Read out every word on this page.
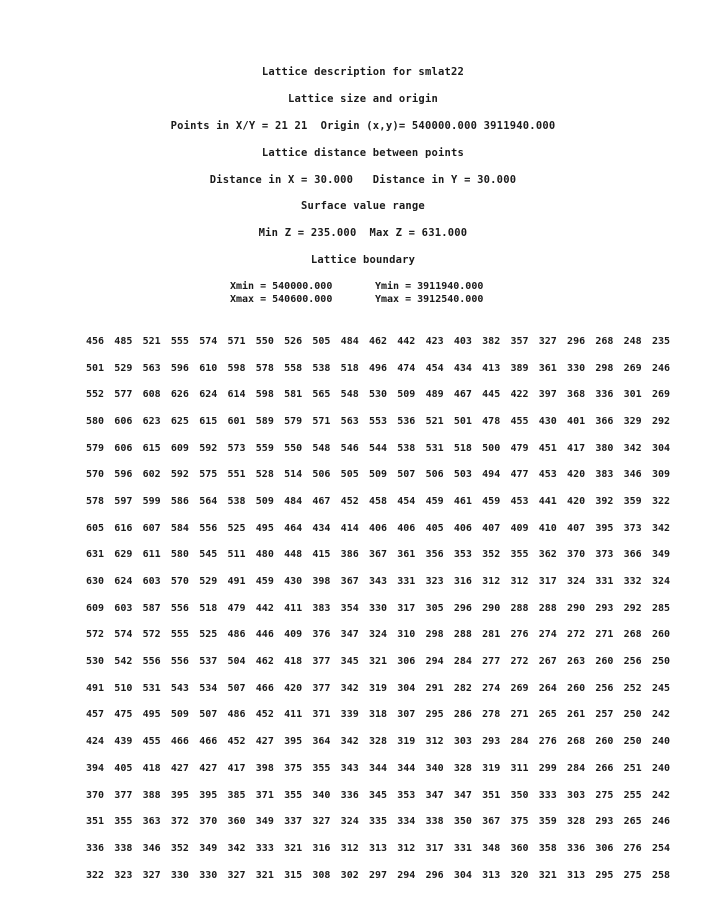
Lattice description for smlat22
Lattice size and origin
Points in X/Y = 21 21  Origin (x,y)= 540000.000 3911940.000
Lattice distance between points
Distance in X = 30.000   Distance in Y = 30.000
Surface value range
Min Z = 235.000  Max Z = 631.000
Lattice boundary
Xmin = 540000.000	Ymin = 3911940.000
Xmax = 540600.000	Ymax = 3912540.000
456	485	521	555	574	571	550	526	505	484	462	442	423	403	382	357	327	296	268	248	235
501	529	563	596	610	598	578	558	538	518	496	474	454	434	413	389	361	330	298	269	246
552	577	608	626	624	614	598	581	565	548	530	509	489	467	445	422	397	368	336	301	269
580	606	623	625	615	601	589	579	571	563	553	536	521	501	478	455	430	401	366	329	292
579	606	615	609	592	573	559	550	548	546	544	538	531	518	500	479	451	417	380	342	304
570	596	602	592	575	551	528	514	506	505	509	507	506	503	494	477	453	420	383	346	309
578	597	599	586	564	538	509	484	467	452	458	454	459	461	459	453	441	420	392	359	322
605	616	607	584	556	525	495	464	434	414	406	406	405	406	407	409	410	407	395	373	342
631	629	611	580	545	511	480	448	415	386	367	361	356	353	352	355	362	370	373	366	349
630	624	603	570	529	491	459	430	398	367	343	331	323	316	312	312	317	324	331	332	324
609	603	587	556	518	479	442	411	383	354	330	317	305	296	290	288	288	290	293	292	285
572	574	572	555	525	486	446	409	376	347	324	310	298	288	281	276	274	272	271	268	260
530	542	556	556	537	504	462	418	377	345	321	306	294	284	277	272	267	263	260	256	250
491	510	531	543	534	507	466	420	377	342	319	304	291	282	274	269	264	260	256	252	245
457	475	495	509	507	486	452	411	371	339	318	307	295	286	278	271	265	261	257	250	242
424	439	455	466	466	452	427	395	364	342	328	319	312	303	293	284	276	268	260	250	240
394	405	418	427	427	417	398	375	355	343	344	344	340	328	319	311	299	284	266	251	240
370	377	388	395	395	385	371	355	340	336	345	353	347	347	351	350	333	303	275	255	242
351	355	363	372	370	360	349	337	327	324	335	334	338	350	367	375	359	328	293	265	246
336	338	346	352	349	342	333	321	316	312	313	312	317	331	348	360	358	336	306	276	254
322	323	327	330	330	327	321	315	308	302	297	294	296	304	313	320	321	313	295	275	258
